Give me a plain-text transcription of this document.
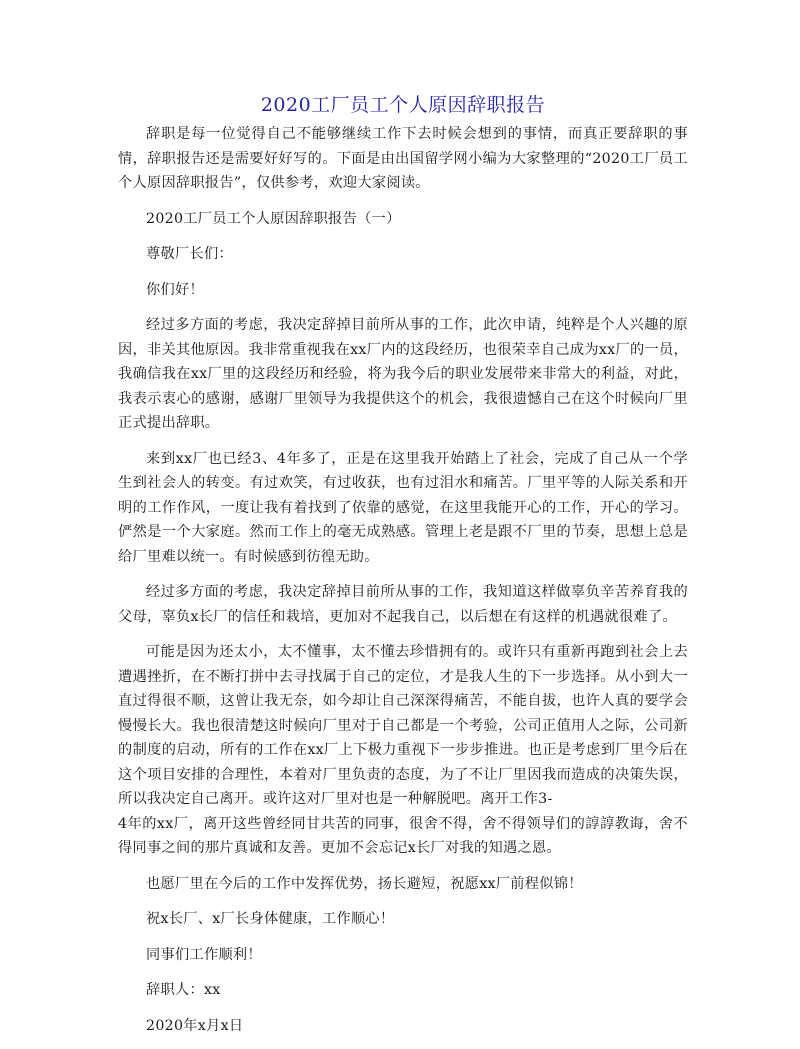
2020工厂员工个人原因辞职报告

辞职是每一位觉得自己不能够继续工作下去时候会想到的事情，而真正要辞职的事情，辞职报告还是需要好好写的。下面是由出国留学网小编为大家整理的“2020工厂员工个人原因辞职报告”，仅供参考，欢迎大家阅读。

2020工厂员工个人原因辞职报告（一）

尊敬厂长们：

你们好！

经过多方面的考虑，我决定辞掉目前所从事的工作，此次申请，纯粹是个人兴趣的原因，非关其他原因。我非常重视我在xx厂内的这段经历，也很荣幸自己成为xx厂的一员，我确信我在xx厂里的这段经历和经验，将为我今后的职业发展带来非常大的利益，对此，我表示衷心的感谢，感谢厂里领导为我提供这个的机会，我很遗憾自己在这个时候向厂里正式提出辞职。

来到xx厂也已经3、4年多了，正是在这里我开始踏上了社会，完成了自己从一个学生到社会人的转变。有过欢笑，有过收获，也有过泪水和痛苦。厂里平等的人际关系和开明的工作作风，一度让我有着找到了依靠的感觉，在这里我能开心的工作，开心的学习。俨然是一个大家庭。然而工作上的毫无成熟感。管理上老是跟不厂里的节奏，思想上总是给厂里难以统一。有时候感到彷徨无助。

经过多方面的考虑，我决定辞掉目前所从事的工作，我知道这样做辜负辛苦养育我的父母，辜负x长厂的信任和栽培，更加对不起我自己，以后想在有这样的机遇就很难了。

可能是因为还太小，太不懂事，太不懂去珍惜拥有的。或许只有重新再跑到社会上去遭遇挫折，在不断打拼中去寻找属于自己的定位，才是我人生的下一步选择。从小到大一直过得很不顺，这曾让我无奈，如今却让自己深深得痛苦，不能自拔，也许人真的要学会慢慢长大。我也很清楚这时候向厂里对于自己都是一个考验，公司正值用人之际，公司新的制度的启动，所有的工作在xx厂上下极力重视下一步步推进。也正是考虑到厂里今后在这个项目安排的合理性，本着对厂里负责的态度，为了不让厂里因我而造成的决策失误，所以我决定自己离开。或许这对厂里对也是一种解脱吧。离开工作3-

4年的xx厂，离开这些曾经同甘共苦的同事，很舍不得，舍不得领导们的諄諄教诲，舍不得同事之间的那片真诚和友善。更加不会忘记x长厂对我的知遇之恩。

也愿厂里在今后的工作中发挥优势，扬长避短，祝愿xx厂前程似锦！

祝x长厂、x厂长身体健康，工作顺心！

同事们工作顺利！

辞职人：xx

2020年x月x日
